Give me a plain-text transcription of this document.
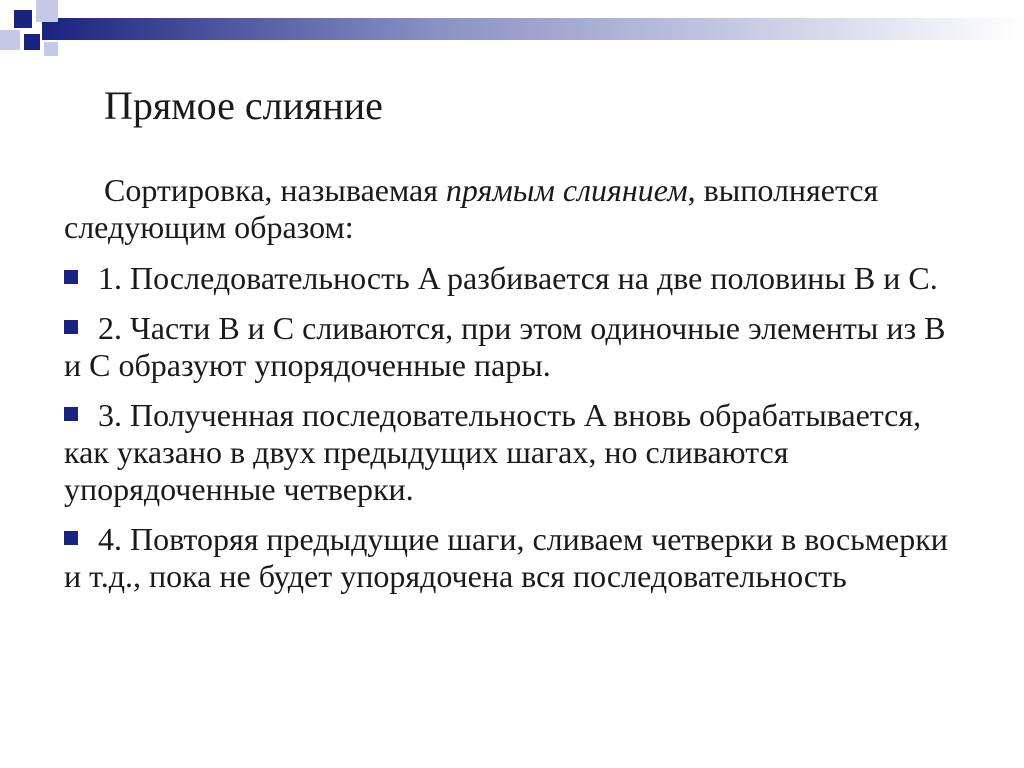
Прямое слияние

Сортировка, называемая прямым слиянием, выполняется следующим образом:

1. Последовательность A разбивается на две половины B и C.
2. Части B и C сливаются, при этом одиночные элементы из B и C образуют упорядоченные пары.
3. Полученная последовательность A вновь обрабатывается, как указано в двух предыдущих шагах, но сливаются упорядоченные четверки.
4. Повторяя предыдущие шаги, сливаем четверки в восьмерки и т.д., пока не будет упорядочена вся последовательность
